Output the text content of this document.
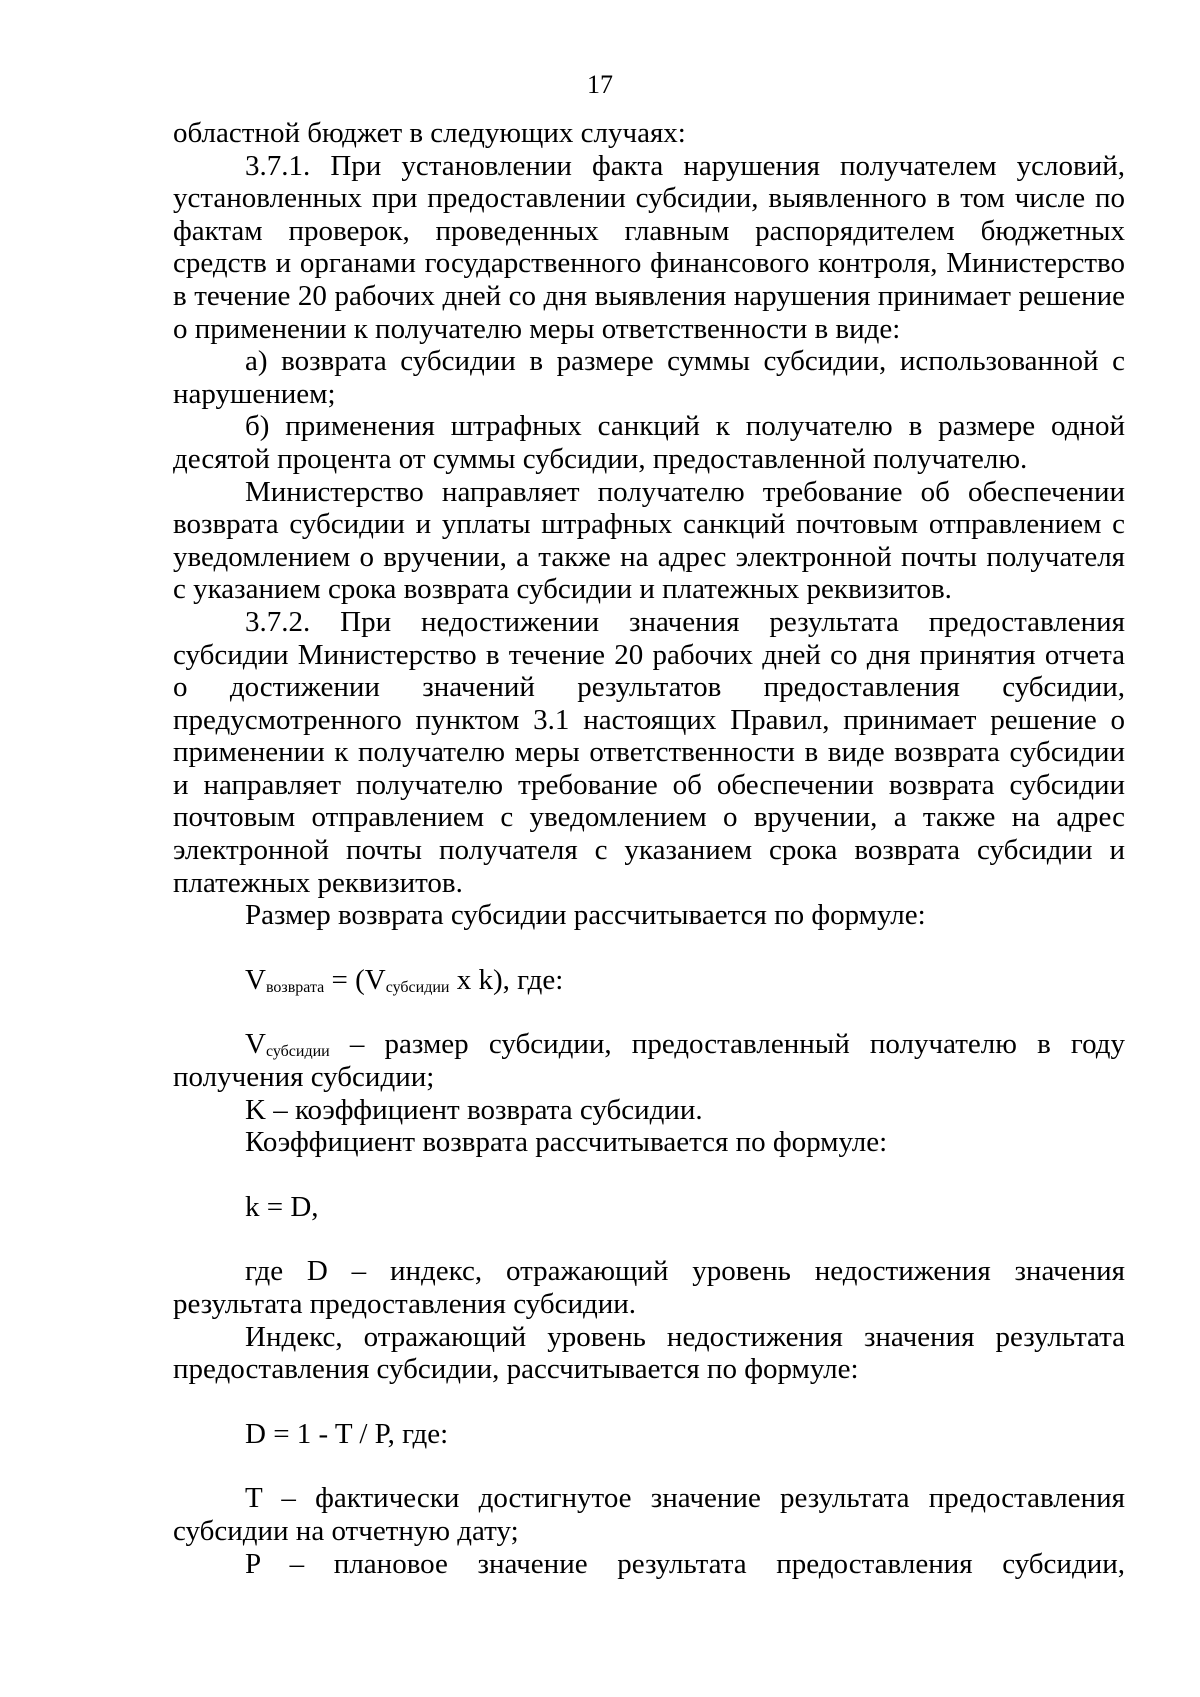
17

областной бюджет в следующих случаях:

3.7.1. При установлении факта нарушения получателем условий, установленных при предоставлении субсидии, выявленного в том числе по фактам проверок, проведенных главным распорядителем бюджетных средств и органами государственного финансового контроля, Министерство в течение 20 рабочих дней со дня выявления нарушения принимает решение о применении к получателю меры ответственности в виде:

а) возврата субсидии в размере суммы субсидии, использованной с нарушением;

б) применения штрафных санкций к получателю в размере одной десятой процента от суммы субсидии, предоставленной получателю.

Министерство направляет получателю требование об обеспечении возврата субсидии и уплаты штрафных санкций почтовым отправлением с уведомлением о вручении, а также на адрес электронной почты получателя с указанием срока возврата субсидии и платежных реквизитов.

3.7.2. При недостижении значения результата предоставления субсидии Министерство в течение 20 рабочих дней со дня принятия отчета о достижении значений результатов предоставления субсидии, предусмотренного пунктом 3.1 настоящих Правил, принимает решение о применении к получателю меры ответственности в виде возврата субсидии и направляет получателю требование об обеспечении возврата субсидии почтовым отправлением с уведомлением о вручении, а также на адрес электронной почты получателя с указанием срока возврата субсидии и платежных реквизитов.

Размер возврата субсидии рассчитывается по формуле:

Vвозврата = (Vсубсидии x k), где:

Vсубсидии – размер субсидии, предоставленный получателю в году получения субсидии;

K – коэффициент возврата субсидии.

Коэффициент возврата рассчитывается по формуле:

k = D,

где D – индекс, отражающий уровень недостижения значения результата предоставления субсидии.

Индекс, отражающий уровень недостижения значения результата предоставления субсидии, рассчитывается по формуле:

D = 1 - T / P, где:

T – фактически достигнутое значение результата предоставления субсидии на отчетную дату;

P – плановое значение результата предоставления субсидии,
